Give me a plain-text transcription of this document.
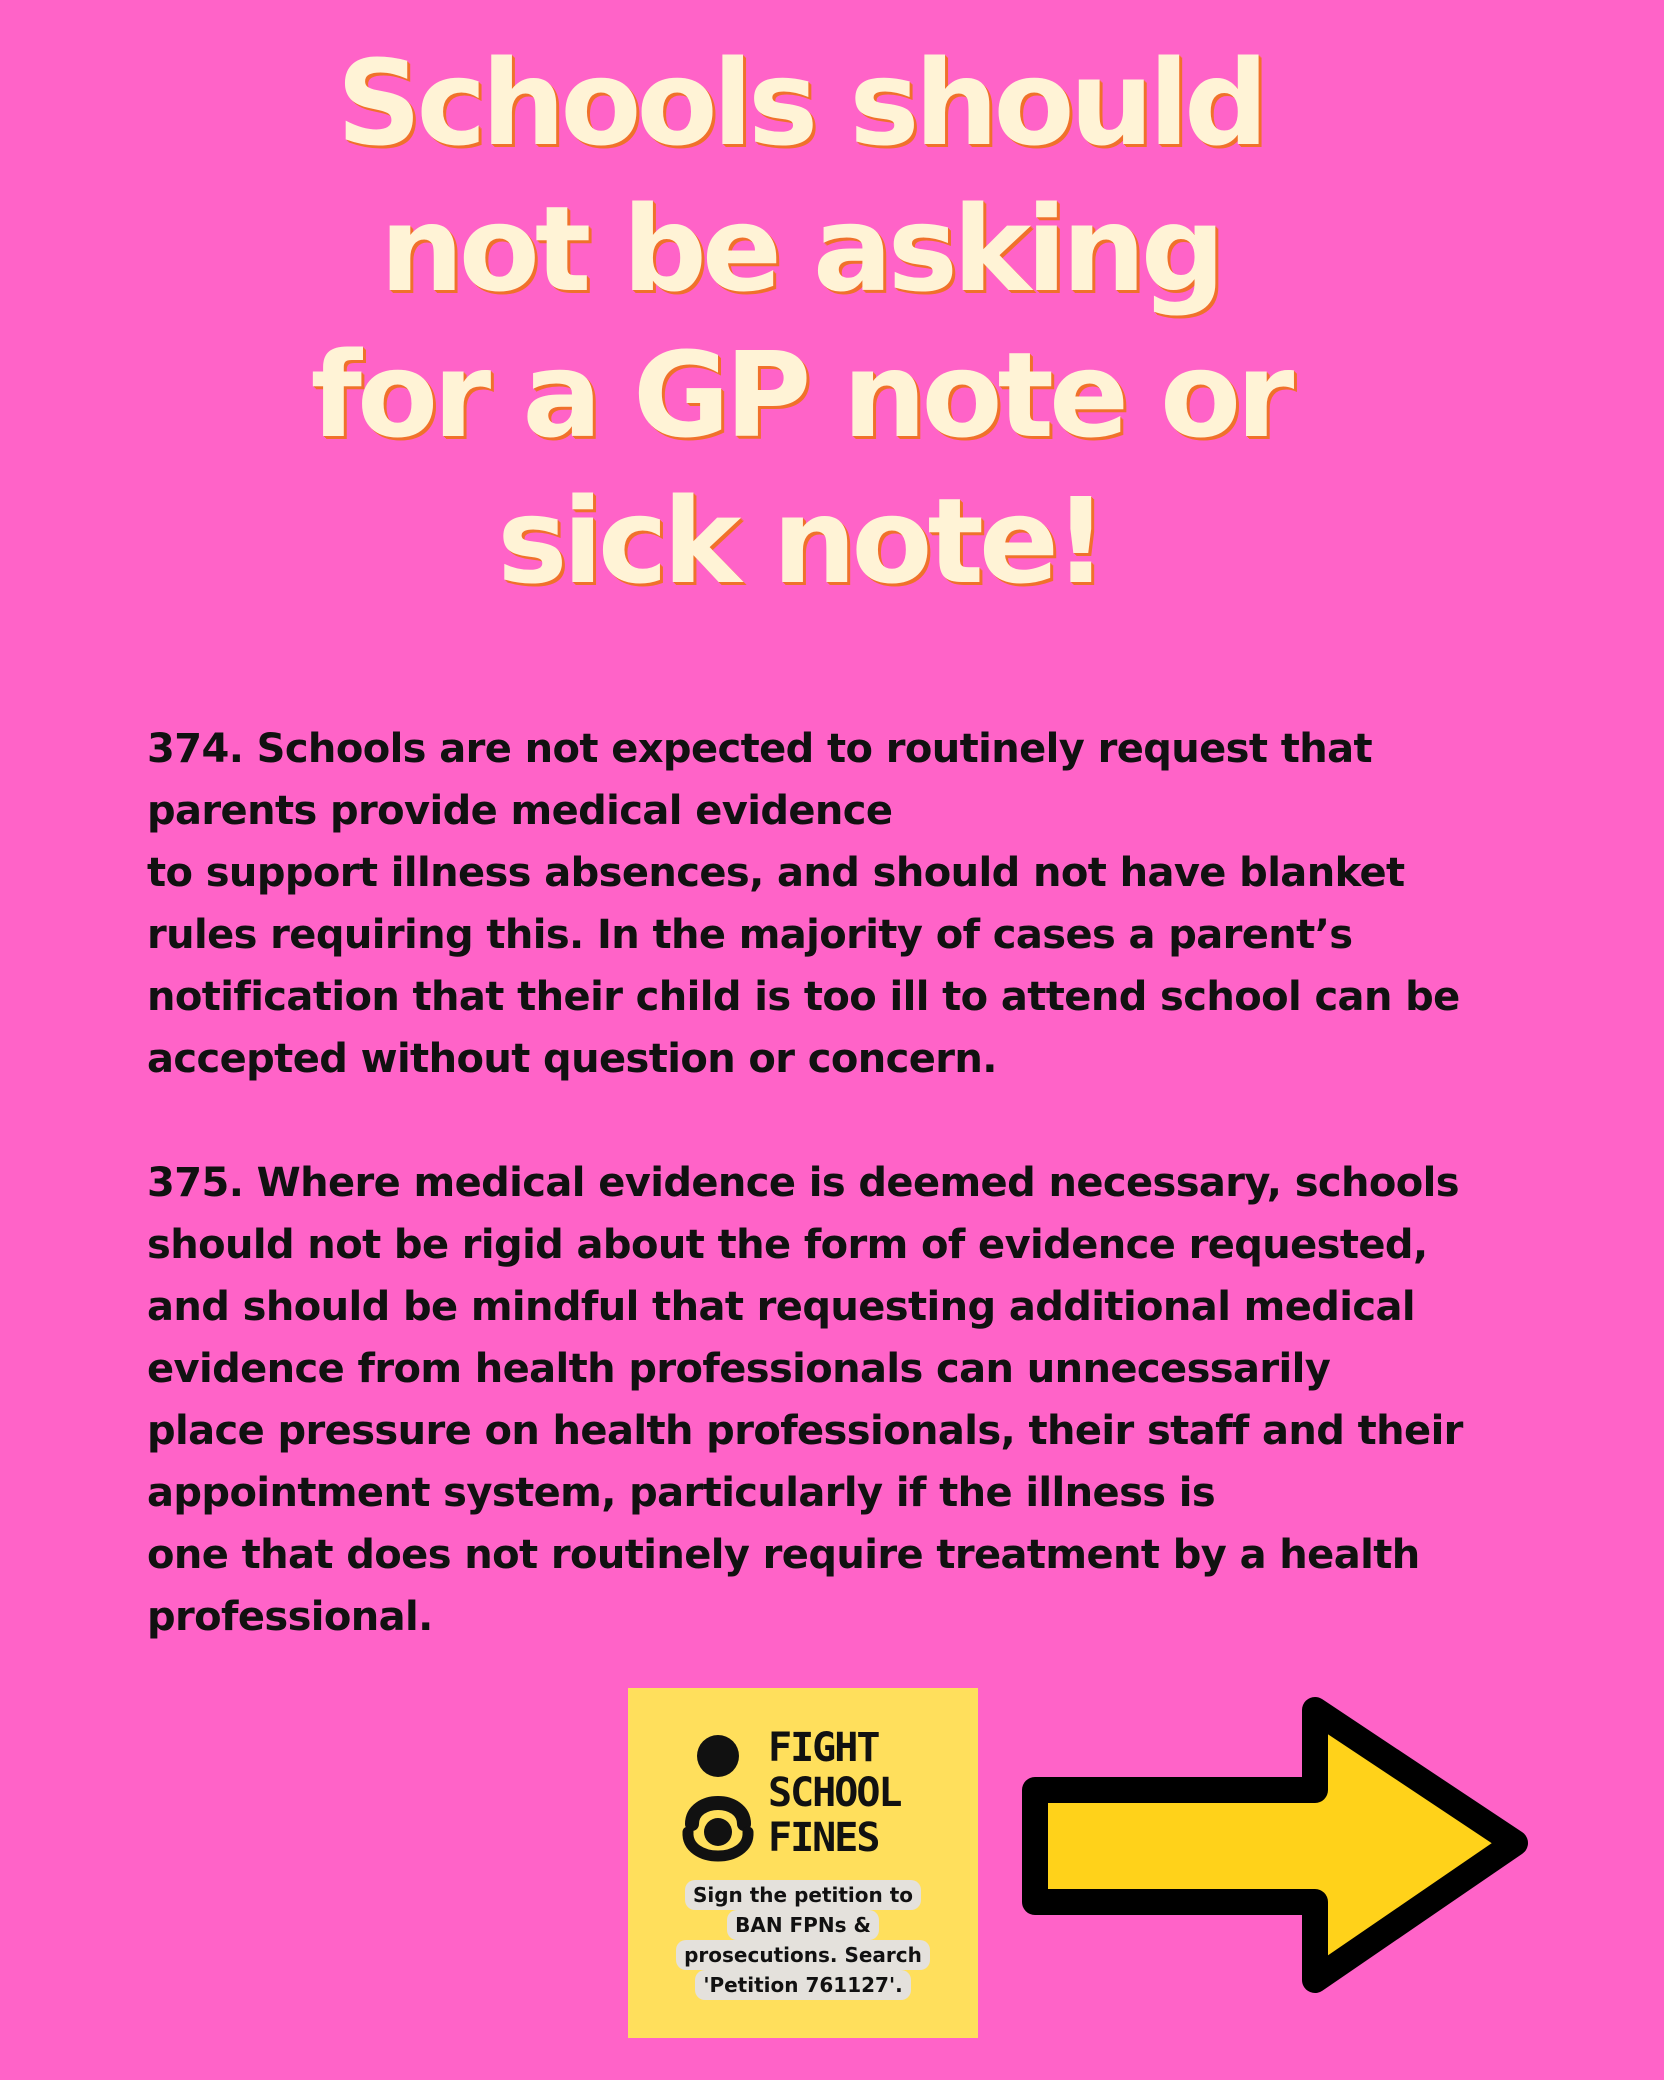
Schools should
not be asking
for a GP note or
sick note!

374. Schools are not expected to routinely request that
parents provide medical evidence
to support illness absences, and should not have blanket
rules requiring this. In the majority of cases a parent’s
notification that their child is too ill to attend school can be
accepted without question or concern.

375. Where medical evidence is deemed necessary, schools
should not be rigid about the form of evidence requested,
and should be mindful that requesting additional medical
evidence from health professionals can unnecessarily
place pressure on health professionals, their staff and their
appointment system, particularly if the illness is
one that does not routinely require treatment by a health
professional.

FIGHT
SCHOOL
FINES
Sign the petition to
BAN FPNs &
prosecutions. Search
'Petition 761127'.
